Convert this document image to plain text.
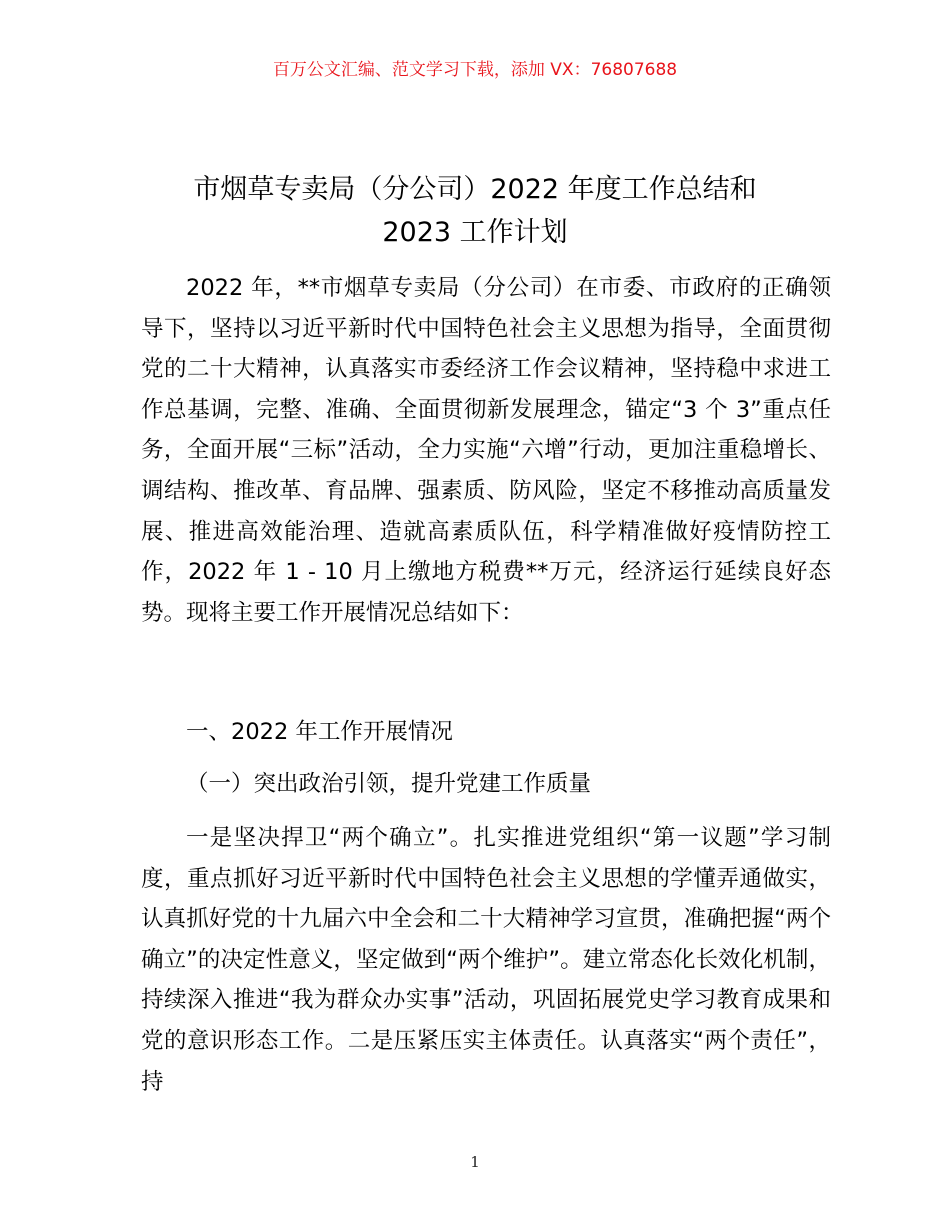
百万公文汇编、范文学习下载，添加 VX：76807688
市烟草专卖局（分公司）2022 年度工作总结和
2023 工作计划

2022 年，**市烟草专卖局（分公司）在市委、市政府的正确领导下，坚持以习近平新时代中国特色社会主义思想为指导，全面贯彻党的二十大精神，认真落实市委经济工作会议精神，坚持稳中求进工作总基调，完整、准确、全面贯彻新发展理念，锚定“3 个 3”重点任务，全面开展“三标”活动，全力实施“六增”行动，更加注重稳增长、调结构、推改革、育品牌、强素质、防风险，坚定不移推动高质量发展、推进高效能治理、造就高素质队伍，科学精准做好疫情防控工作，2022 年 1 - 10 月上缴地方税费**万元，经济运行延续良好态势。现将主要工作开展情况总结如下：

一、2022 年工作开展情况
（一）突出政治引领，提升党建工作质量

一是坚决捍卫“两个确立”。扎实推进党组织“第一议题”学习制度，重点抓好习近平新时代中国特色社会主义思想的学懂弄通做实，认真抓好党的十九届六中全会和二十大精神学习宣贯，准确把握“两个确立”的决定性意义，坚定做到“两个维护”。建立常态化长效化机制，持续深入推进“我为群众办实事”活动，巩固拓展党史学习教育成果和党的意识形态工作。二是压紧压实主体责任。认真落实“两个责任”，持

1
